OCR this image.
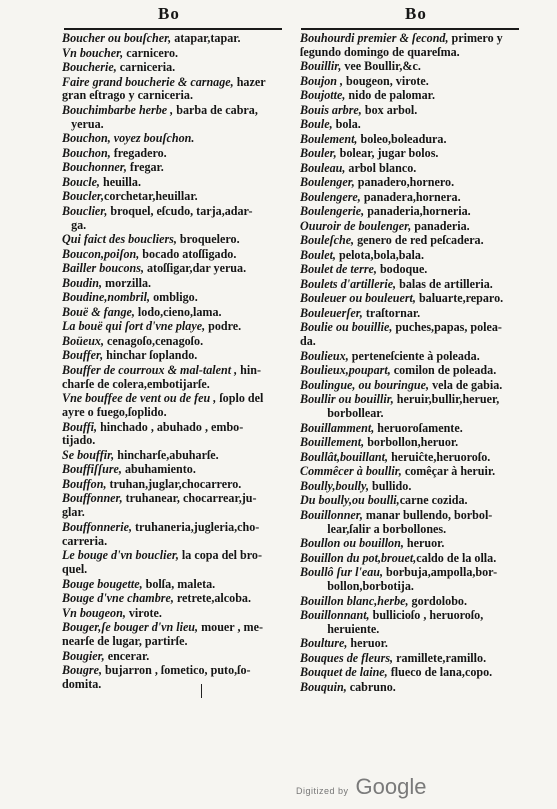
Bo	Bo
Boucher ou bouſcher, atapar,tapar.
Vn boucher, carnicero.
Boucherie, carniceria.
Faire grand boucherie & carnage, hazer
gran eſtrago y carniceria.
Bouchimbarbe herbe , barba de cabra,
yerua.
Bouchon, voyez bouſchon.
Bouchon, fregadero.
Bouchonner, fregar.
Boucle, heuilla.
Boucler,corchetar,heuillar.
Bouclier, broquel, eſcudo, tarja,adar-
ga.
Qui faict des boucliers, broquelero.
Boucon,poiſon, bocado atoſſigado.
Bailler boucons, atoſſigar,dar yerua.
Boudin, morzilla.
Boudine,nombril, ombligo.
Bouë & fange, lodo,cieno,lama.
La bouë qui ſort d'vne playe, podre.
Boüeux, cenagoſo,cenagoſo.
Bouffer, hinchar ſoplando.
Bouffer de courroux & mal-talent , hin-
charſe de colera,embotijarſe.
Vne bouffee de vent ou de feu , ſoplo del
ayre o fuego,ſoplido.
Bouffi, hinchado , abuhado , embo-
tijado.
Se bouffir, hincharſe,abuharſe.
Bouffiſſure, abuhamiento.
Bouffon, truhan,juglar,chocarrero.
Bouffonner, truhanear, chocarrear,ju-
glar.
Bouffonnerie, truhaneria,jugleria,cho-
carreria.
Le bouge d'vn bouclier, la copa del bro-
quel.
Bouge bougette, bolſa, maleta.
Bouge d'vne chambre, retrete,alcoba.
Vn bougeon, virote.
Bouger,ſe bouger d'vn lieu, mouer , me-
nearſe de lugar, partirſe.
Bougier, encerar.
Bougre, bujarron , ſometico, puto,ſo-
domita.
Bouhourdi premier & ſecond, primero y
ſegundo domingo de quareſma.
Bouillir, vee Boullir,&c.
Boujon , bougeon, virote.
Boujotte, nido de palomar.
Bouis arbre, box arbol.
Boule, bola.
Boulement, boleo,boleadura.
Bouler, bolear, jugar bolos.
Bouleau, arbol blanco.
Boulenger, panadero,hornero.
Boulengere, panadera,hornera.
Boulengerie, panaderia,horneria.
Ouuroir de boulenger, panaderia.
Bouleſche, genero de red peſcadera.
Boulet, pelota,bola,bala.
Boulet de terre, bodoque.
Boulets d'artillerie, balas de artilleria.
Bouleuer ou bouleuert, baluarte,reparo.
Bouleuerſer, traſtornar.
Boulie ou bouillie, puches,papas, polea-
da.
Boulieux, perteneſciente à poleada.
Boulieux,poupart, comilon de poleada.
Boulingue, ou bouringue, vela de gabia.
Boullir ou bouillir, heruir,bullir,heruer,
borbollear.
Bouillamment, heruoroſamente.
Bouillement, borbollon,heruor.
Boullât,bouillant, heruiĉte,heruoroſo.
Commêcer à boullir, comêçar à heruir.
Boully,boully, bullido.
Du boully,ou boulli,carne cozida.
Bouillonner, manar bullendo, borbol-
lear,ſalir a borbollones.
Boullon ou bouillon, heruor.
Bouillon du pot,brouet,caldo de la olla.
Boullô ſur l'eau, borbuja,ampolla,bor-
bollon,borbotija.
Bouillon blanc,herbe, gordolobo.
Bouillonnant, bullicioſo , heruoroſo,
heruiente.
Boulture, heruor.
Bouques de fleurs, ramillete,ramillo.
Bouquet de laine, flueco de lana,copo.
Bouquin, cabruno.
Digitized by Google
